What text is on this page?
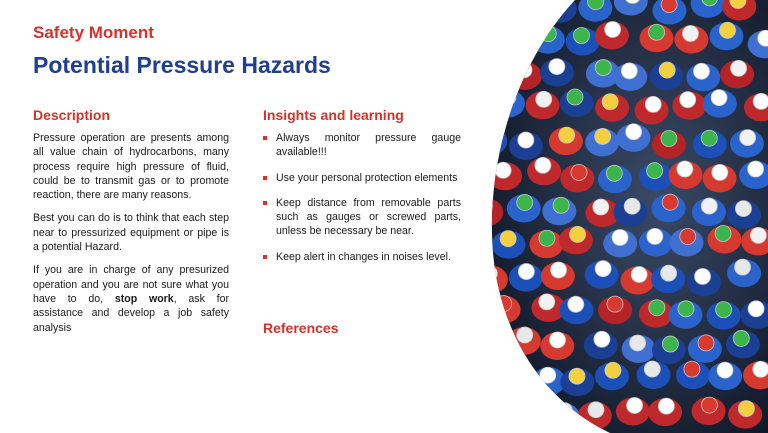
Safety Moment
Potential Pressure Hazards
Description

Pressure operation are presents among all value chain of hydrocarbons, many process require high pressure of fluid, could be to transmit gas or to promote reaction, there are many reasons.

Best you can do is to think that each step near to pressurized equipment or pipe is a potential Hazard.

If you are in charge of any presurized operation and you are not sure what you have to do, stop work, ask for assistance and develop a job safety analysis

Insights and learning
Always monitor pressure gauge available!!!
Use your personal protection elements
Keep distance from removable parts such as gauges or screwed parts, unless be necessary be near.
Keep alert in changes in noises level.
References
